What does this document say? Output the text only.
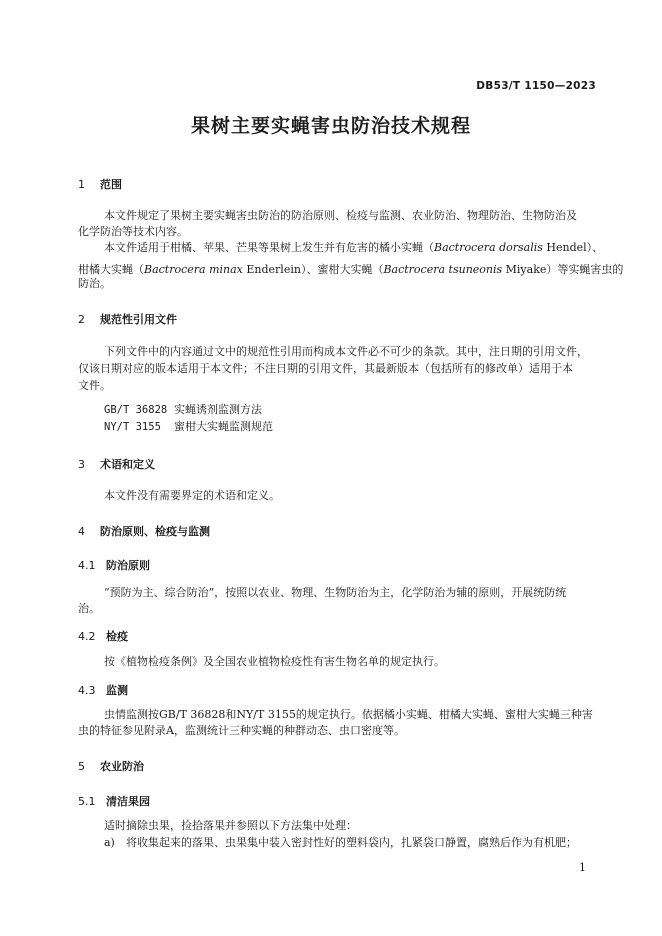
DB53/T 1150—2023
果树主要实蝇害虫防治技术规程
1 范围
本文件规定了果树主要实蝇害虫防治的防治原则、检疫与监测、农业防治、物理防治、生物防治及
化学防治等技术内容。
本文件适用于柑橘、苹果、芒果等果树上发生并有危害的橘小实蝇（Bactrocera dorsalis Hendel）、
柑橘大实蝇（Bactrocera minax Enderlein）、蜜柑大实蝇（Bactrocera tsuneonis Miyake）等实蝇害虫的
防治。
2 规范性引用文件
下列文件中的内容通过文中的规范性引用而构成本文件必不可少的条款。其中，注日期的引用文件，
仅该日期对应的版本适用于本文件；不注日期的引用文件，其最新版本（包括所有的修改单）适用于本
文件。
GB/T 36828 实蝇诱剂监测方法
NY/T 3155 蜜柑大实蝇监测规范
3 术语和定义
本文件没有需要界定的术语和定义。
4 防治原则、检疫与监测
4.1 防治原则
“预防为主、综合防治”，按照以农业、物理、生物防治为主，化学防治为辅的原则，开展统防统
治。
4.2 检疫
按《植物检疫条例》及全国农业植物检疫性有害生物名单的规定执行。
4.3 监测
虫情监测按GB/T 36828和NY/T 3155的规定执行。依据橘小实蝇、柑橘大实蝇、蜜柑大实蝇三种害
虫的特征参见附录A，监测统计三种实蝇的种群动态、虫口密度等。
5 农业防治
5.1 清洁果园
适时摘除虫果，捡拾落果并参照以下方法集中处理：
a) 将收集起来的落果、虫果集中装入密封性好的塑料袋内，扎紧袋口静置，腐熟后作为有机肥；
1
